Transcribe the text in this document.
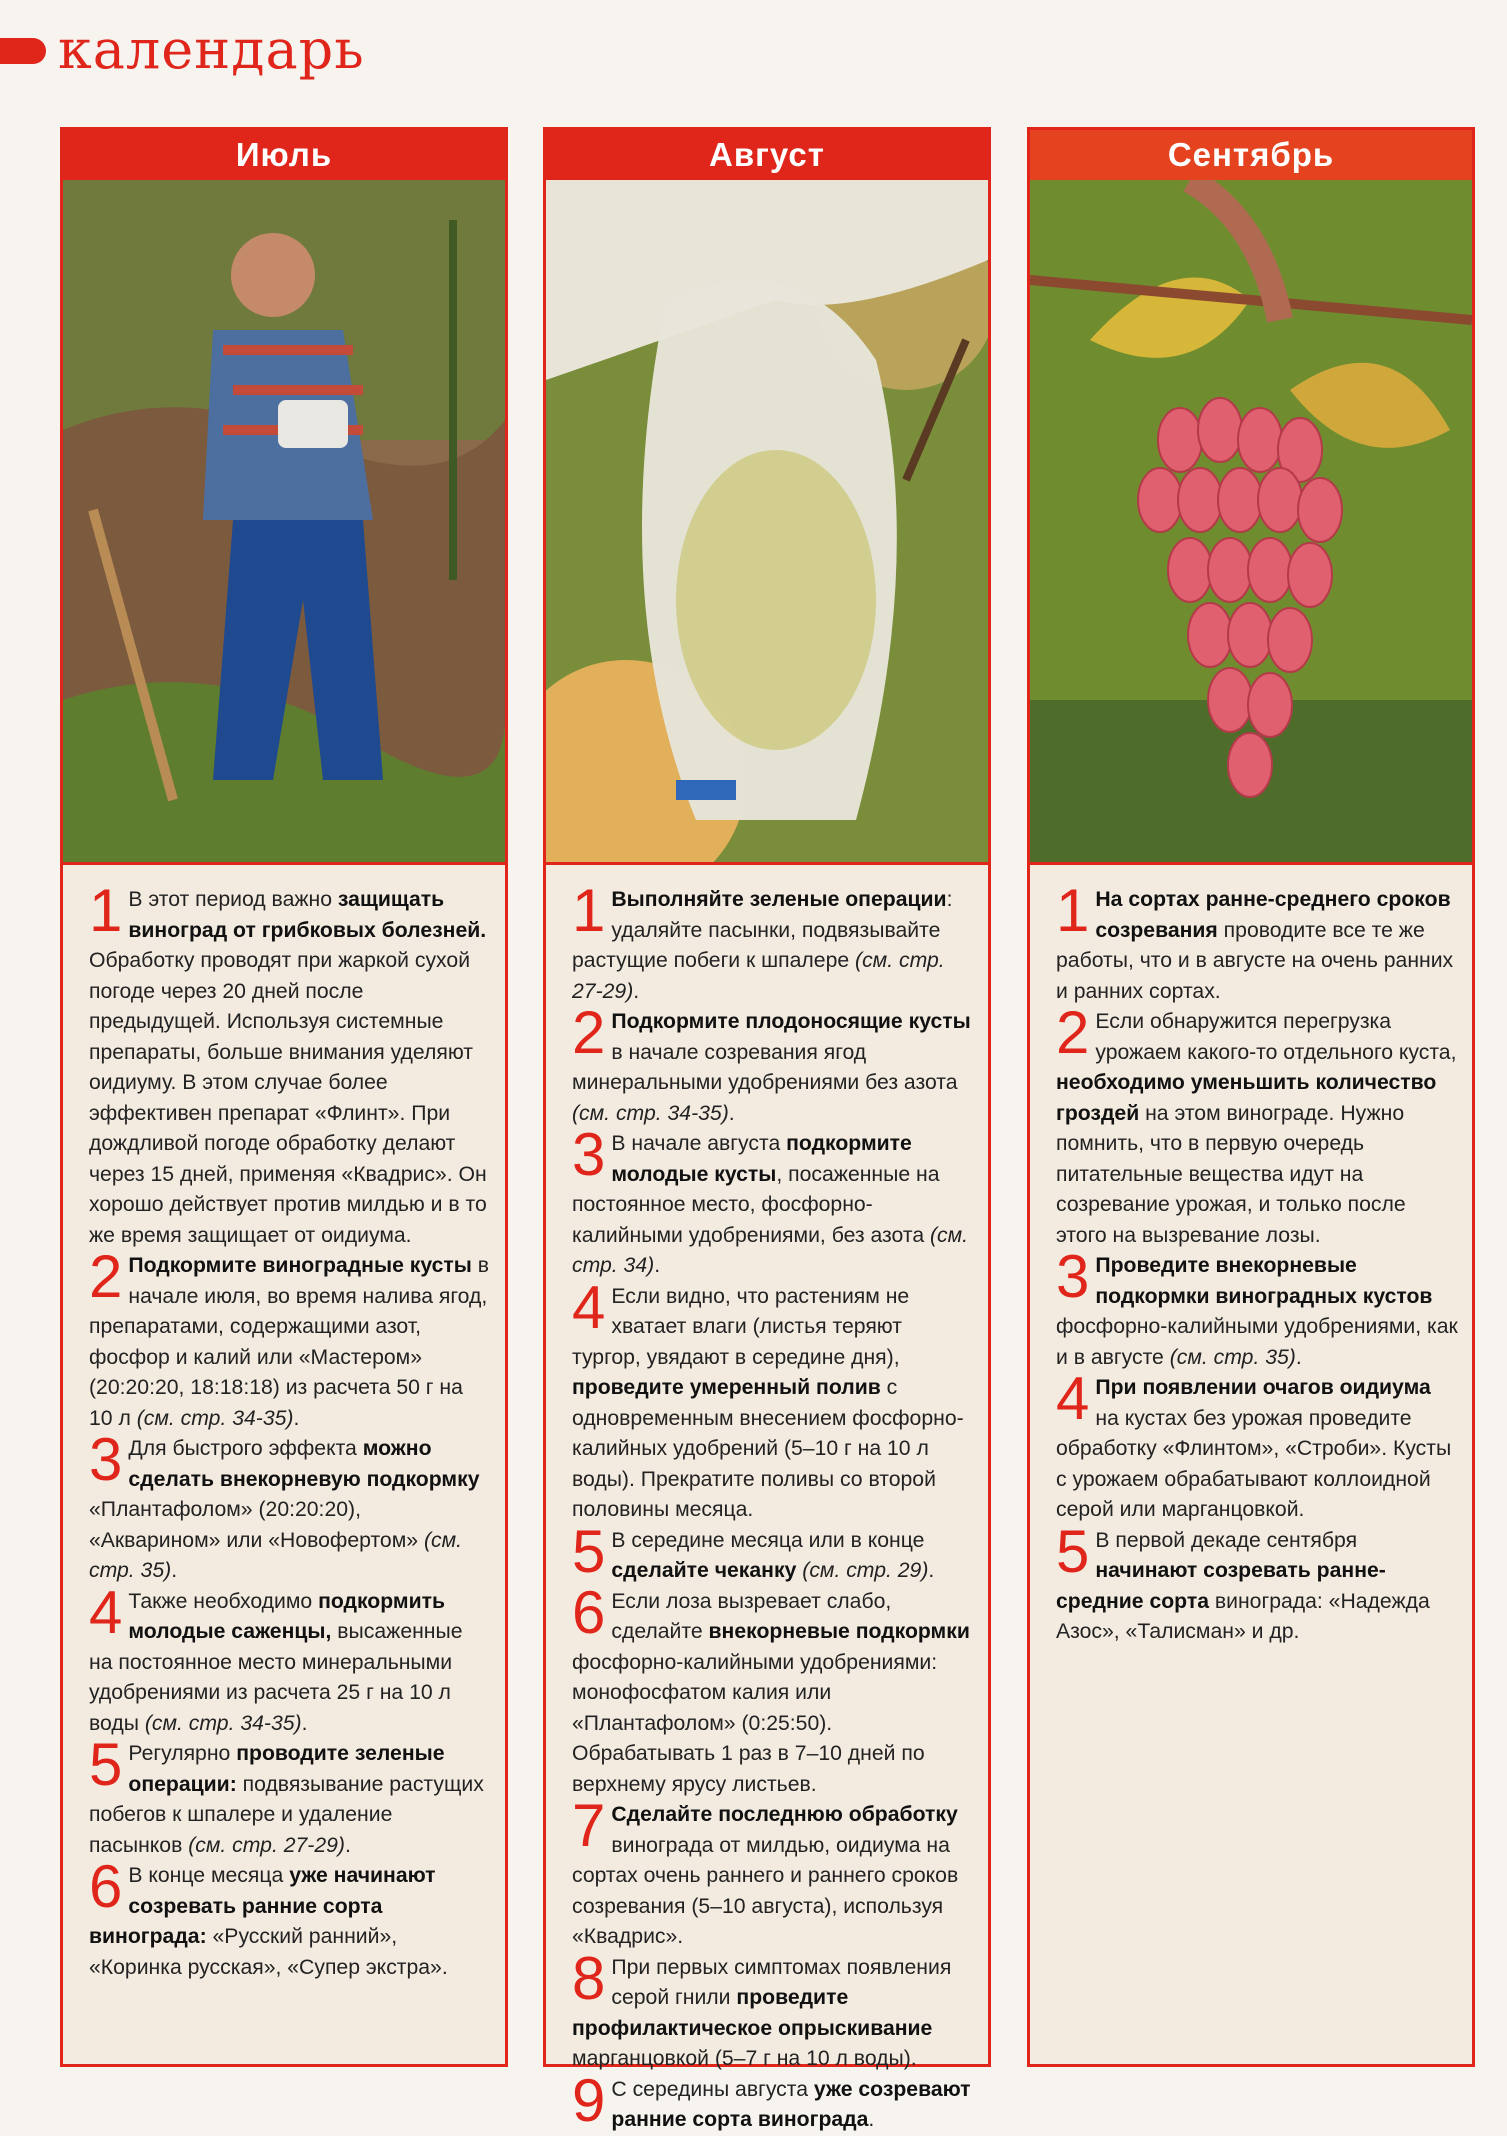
календарь
Июль
1 В этот период важно защищать виноград от грибковых болезней. Обработку проводят при жаркой сухой погоде через 20 дней после предыдущей. Используя системные препараты, больше внимания уделяют оидиуму. В этом случае более эффективен препарат «Флинт». При дождливой погоде обработку делают через 15 дней, применяя «Квадрис». Он хорошо действует против милдью и в то же время защищает от оидиума.
2 Подкормите виноградные кусты в начале июля, во время налива ягод, препаратами, содержащими азот, фосфор и калий или «Мастером» (20:20:20, 18:18:18) из расчета 50 г на 10 л (см. стр. 34-35).
3 Для быстрого эффекта можно сделать внекорневую подкормку «Плантафолом» (20:20:20), «Акварином» или «Новофертом» (см. стр. 35).
4 Также необходимо подкормить молодые саженцы, высаженные на постоянное место минеральными удобрениями из расчета 25 г на 10 л воды (см. стр. 34-35).
5 Регулярно проводите зеленые операции: подвязывание растущих побегов к шпалере и удаление пасынков (см. стр. 27-29).
6 В конце месяца уже начинают созревать ранние сорта винограда: «Русский ранний», «Коринка русская», «Супер экстра».
Август
1 Выполняйте зеленые операции: удаляйте пасынки, подвязывайте растущие побеги к шпалере (см. стр. 27-29).
2 Подкормите плодоносящие кусты в начале созревания ягод минеральными удобрениями без азота (см. стр. 34-35).
3 В начале августа подкормите молодые кусты, посаженные на постоянное место, фосфорно-калийными удобрениями, без азота (см. стр. 34).
4 Если видно, что растениям не хватает влаги (листья теряют тургор, увядают в середине дня), проведите умеренный полив с одновременным внесением фосфорно-калийных удобрений (5–10 г на 10 л воды). Прекратите поливы со второй половины месяца.
5 В середине месяца или в конце сделайте чеканку (см. стр. 29).
6 Если лоза вызревает слабо, сделайте внекорневые подкормки фосфорно-калийными удобрениями: монофосфатом калия или «Плантафолом» (0:25:50). Обрабатывать 1 раз в 7–10 дней по верхнему ярусу листьев.
7 Сделайте последнюю обработку винограда от милдью, оидиума на сортах очень раннего и раннего сроков созревания (5–10 августа), используя «Квадрис».
8 При первых симптомах появления серой гнили проведите профилактическое опрыскивание марганцовкой (5–7 г на 10 л воды).
9 С середины августа уже созревают ранние сорта винограда.
Сентябрь
1 На сортах ранне-среднего сроков созревания проводите все те же работы, что и в августе на очень ранних и ранних сортах.
2 Если обнаружится перегрузка урожаем какого-то отдельного куста, необходимо уменьшить количество гроздей на этом винограде. Нужно помнить, что в первую очередь питательные вещества идут на созревание урожая, и только после этого на вызревание лозы.
3 Проведите внекорневые подкормки виноградных кустов фосфорно-калийными удобрениями, как и в августе (см. стр. 35).
4 При появлении очагов оидиума на кустах без урожая проведите обработку «Флинтом», «Строби». Кусты с урожаем обрабатывают коллоидной серой или марганцовкой.
5 В первой декаде сентября начинают созревать ранне-средние сорта винограда: «Надежда Азос», «Талисман» и др.
